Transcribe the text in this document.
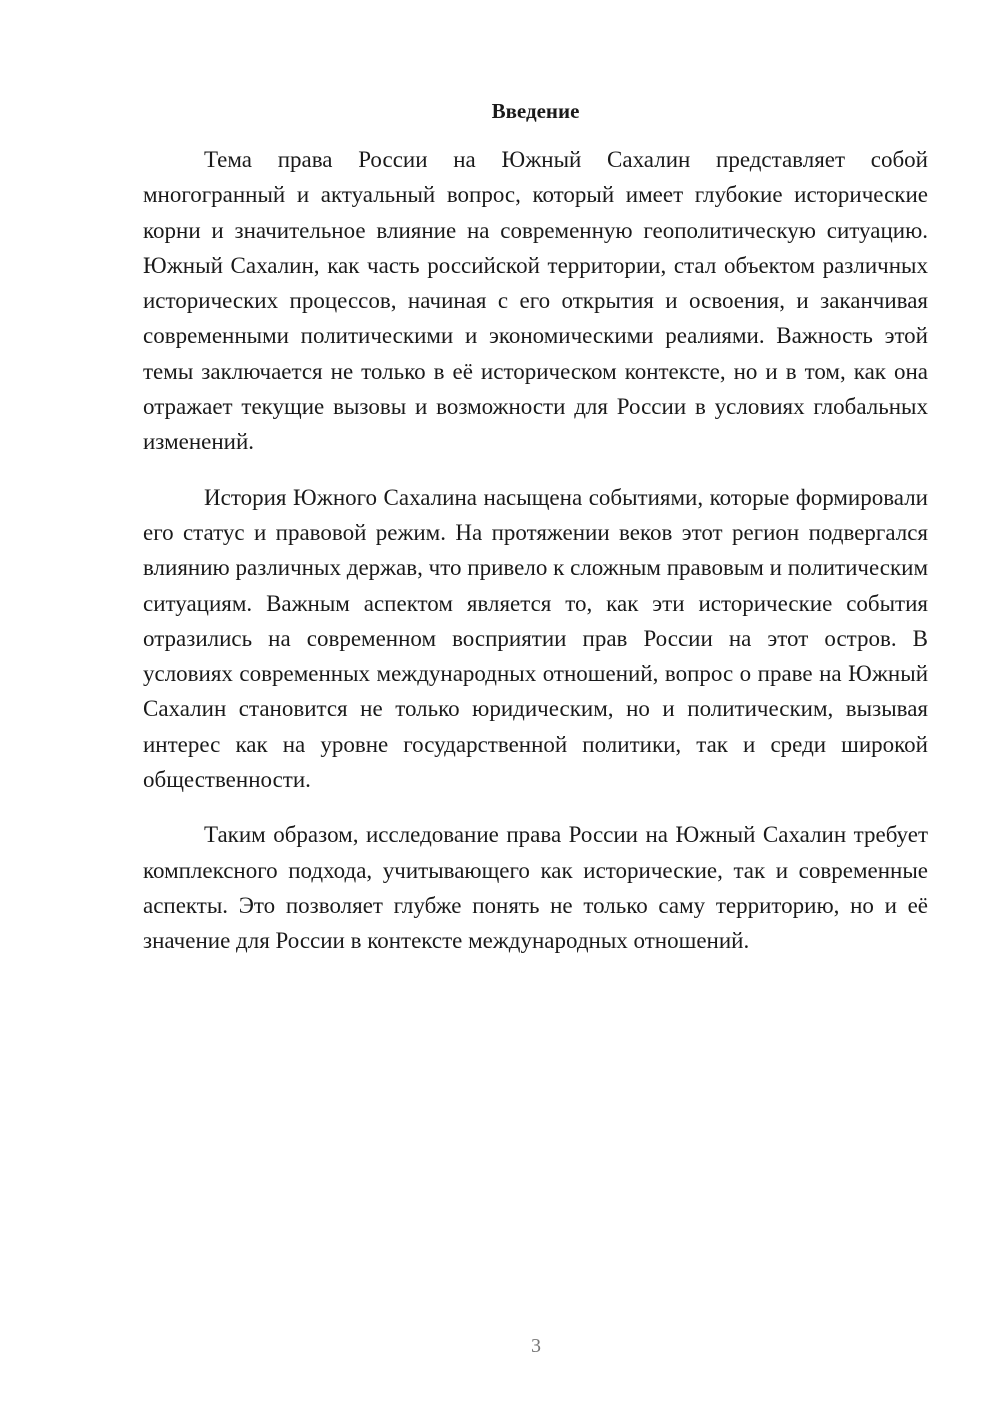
Введение

Тема права России на Южный Сахалин представляет собой многогранный и актуальный вопрос, который имеет глубокие исторические корни и значительное влияние на современную геополитическую ситуацию. Южный Сахалин, как часть российской территории, стал объектом различных исторических процессов, начиная с его открытия и освоения, и заканчивая современными политическими и экономическими реалиями. Важность этой темы заключается не только в её историческом контексте, но и в том, как она отражает текущие вызовы и возможности для России в условиях глобальных изменений.

История Южного Сахалина насыщена событиями, которые формировали его статус и правовой режим. На протяжении веков этот регион подвергался влиянию различных держав, что привело к сложным правовым и политическим ситуациям. Важным аспектом является то, как эти исторические события отразились на современном восприятии прав России на этот остров. В условиях современных международных отношений, вопрос о праве на Южный Сахалин становится не только юридическим, но и политическим, вызывая интерес как на уровне государственной политики, так и среди широкой общественности.

Таким образом, исследование права России на Южный Сахалин требует комплексного подхода, учитывающего как исторические, так и современные аспекты. Это позволяет глубже понять не только саму территорию, но и её значение для России в контексте международных отношений.

3
